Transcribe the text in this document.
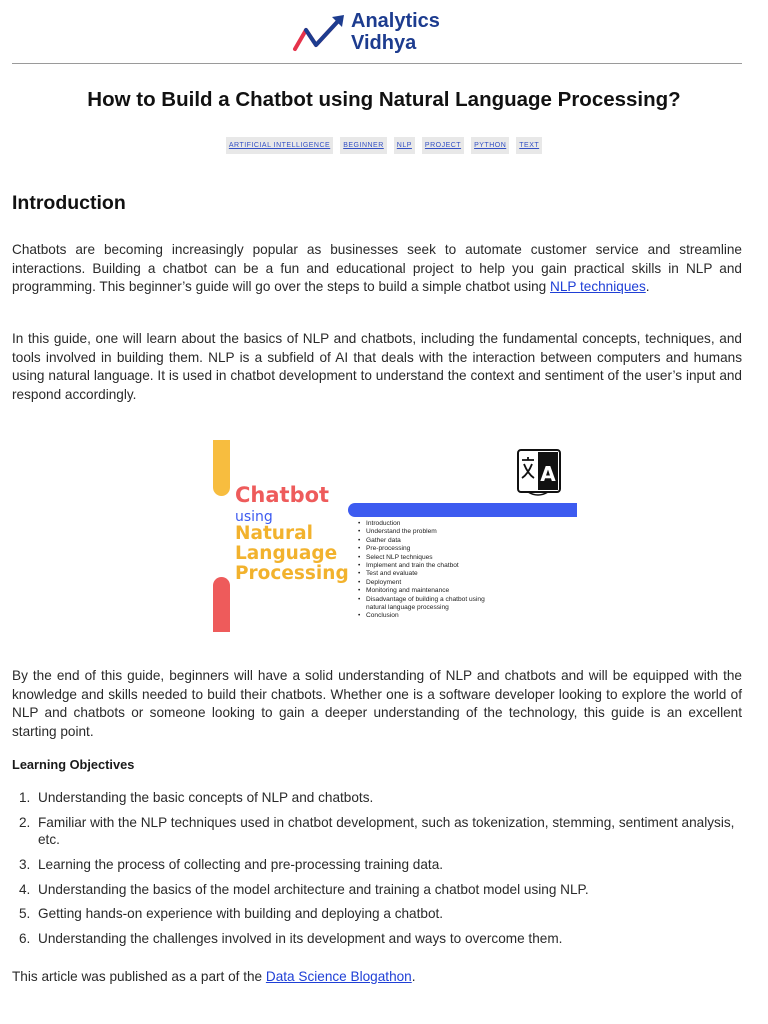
Analytics
Vidhya
How to Build a Chatbot using Natural Language Processing?
ARTIFICIAL INTELLIGENCE	BEGINNER	NLP	PROJECT	PYTHON	TEXT
Introduction

Chatbots are becoming increasingly popular as businesses seek to automate customer service and streamline interactions. Building a chatbot can be a fun and educational project to help you gain practical skills in NLP and programming. This beginner’s guide will go over the steps to build a simple chatbot using NLP techniques.

In this guide, one will learn about the basics of NLP and chatbots, including the fundamental concepts, techniques, and tools involved in building them. NLP is a subfield of AI that deals with the interaction between computers and humans using natural language. It is used in chatbot development to understand the context and sentiment of the user’s input and respond accordingly.

Chatbot
using
Natural
Language
Processing
A
• Introduction
• Understand the problem
• Gather data
• Pre-processing
• Select NLP techniques
• Implement and train the chatbot
• Test and evaluate
• Deployment
• Monitoring and maintenance
• Disadvantage of building a chatbot using
natural language processing
• Conclusion

By the end of this guide, beginners will have a solid understanding of NLP and chatbots and will be equipped with the knowledge and skills needed to build their chatbots. Whether one is a software developer looking to explore the world of NLP and chatbots or someone looking to gain a deeper understanding of the technology, this guide is an excellent starting point.

Learning Objectives
1. Understanding the basic concepts of NLP and chatbots.
2. Familiar with the NLP techniques used in chatbot development, such as tokenization, stemming, sentiment analysis, etc.
3. Learning the process of collecting and pre-processing training data.
4. Understanding the basics of the model architecture and training a chatbot model using NLP.
5. Getting hands-on experience with building and deploying a chatbot.
6. Understanding the challenges involved in its development and ways to overcome them.

This article was published as a part of the Data Science Blogathon.
